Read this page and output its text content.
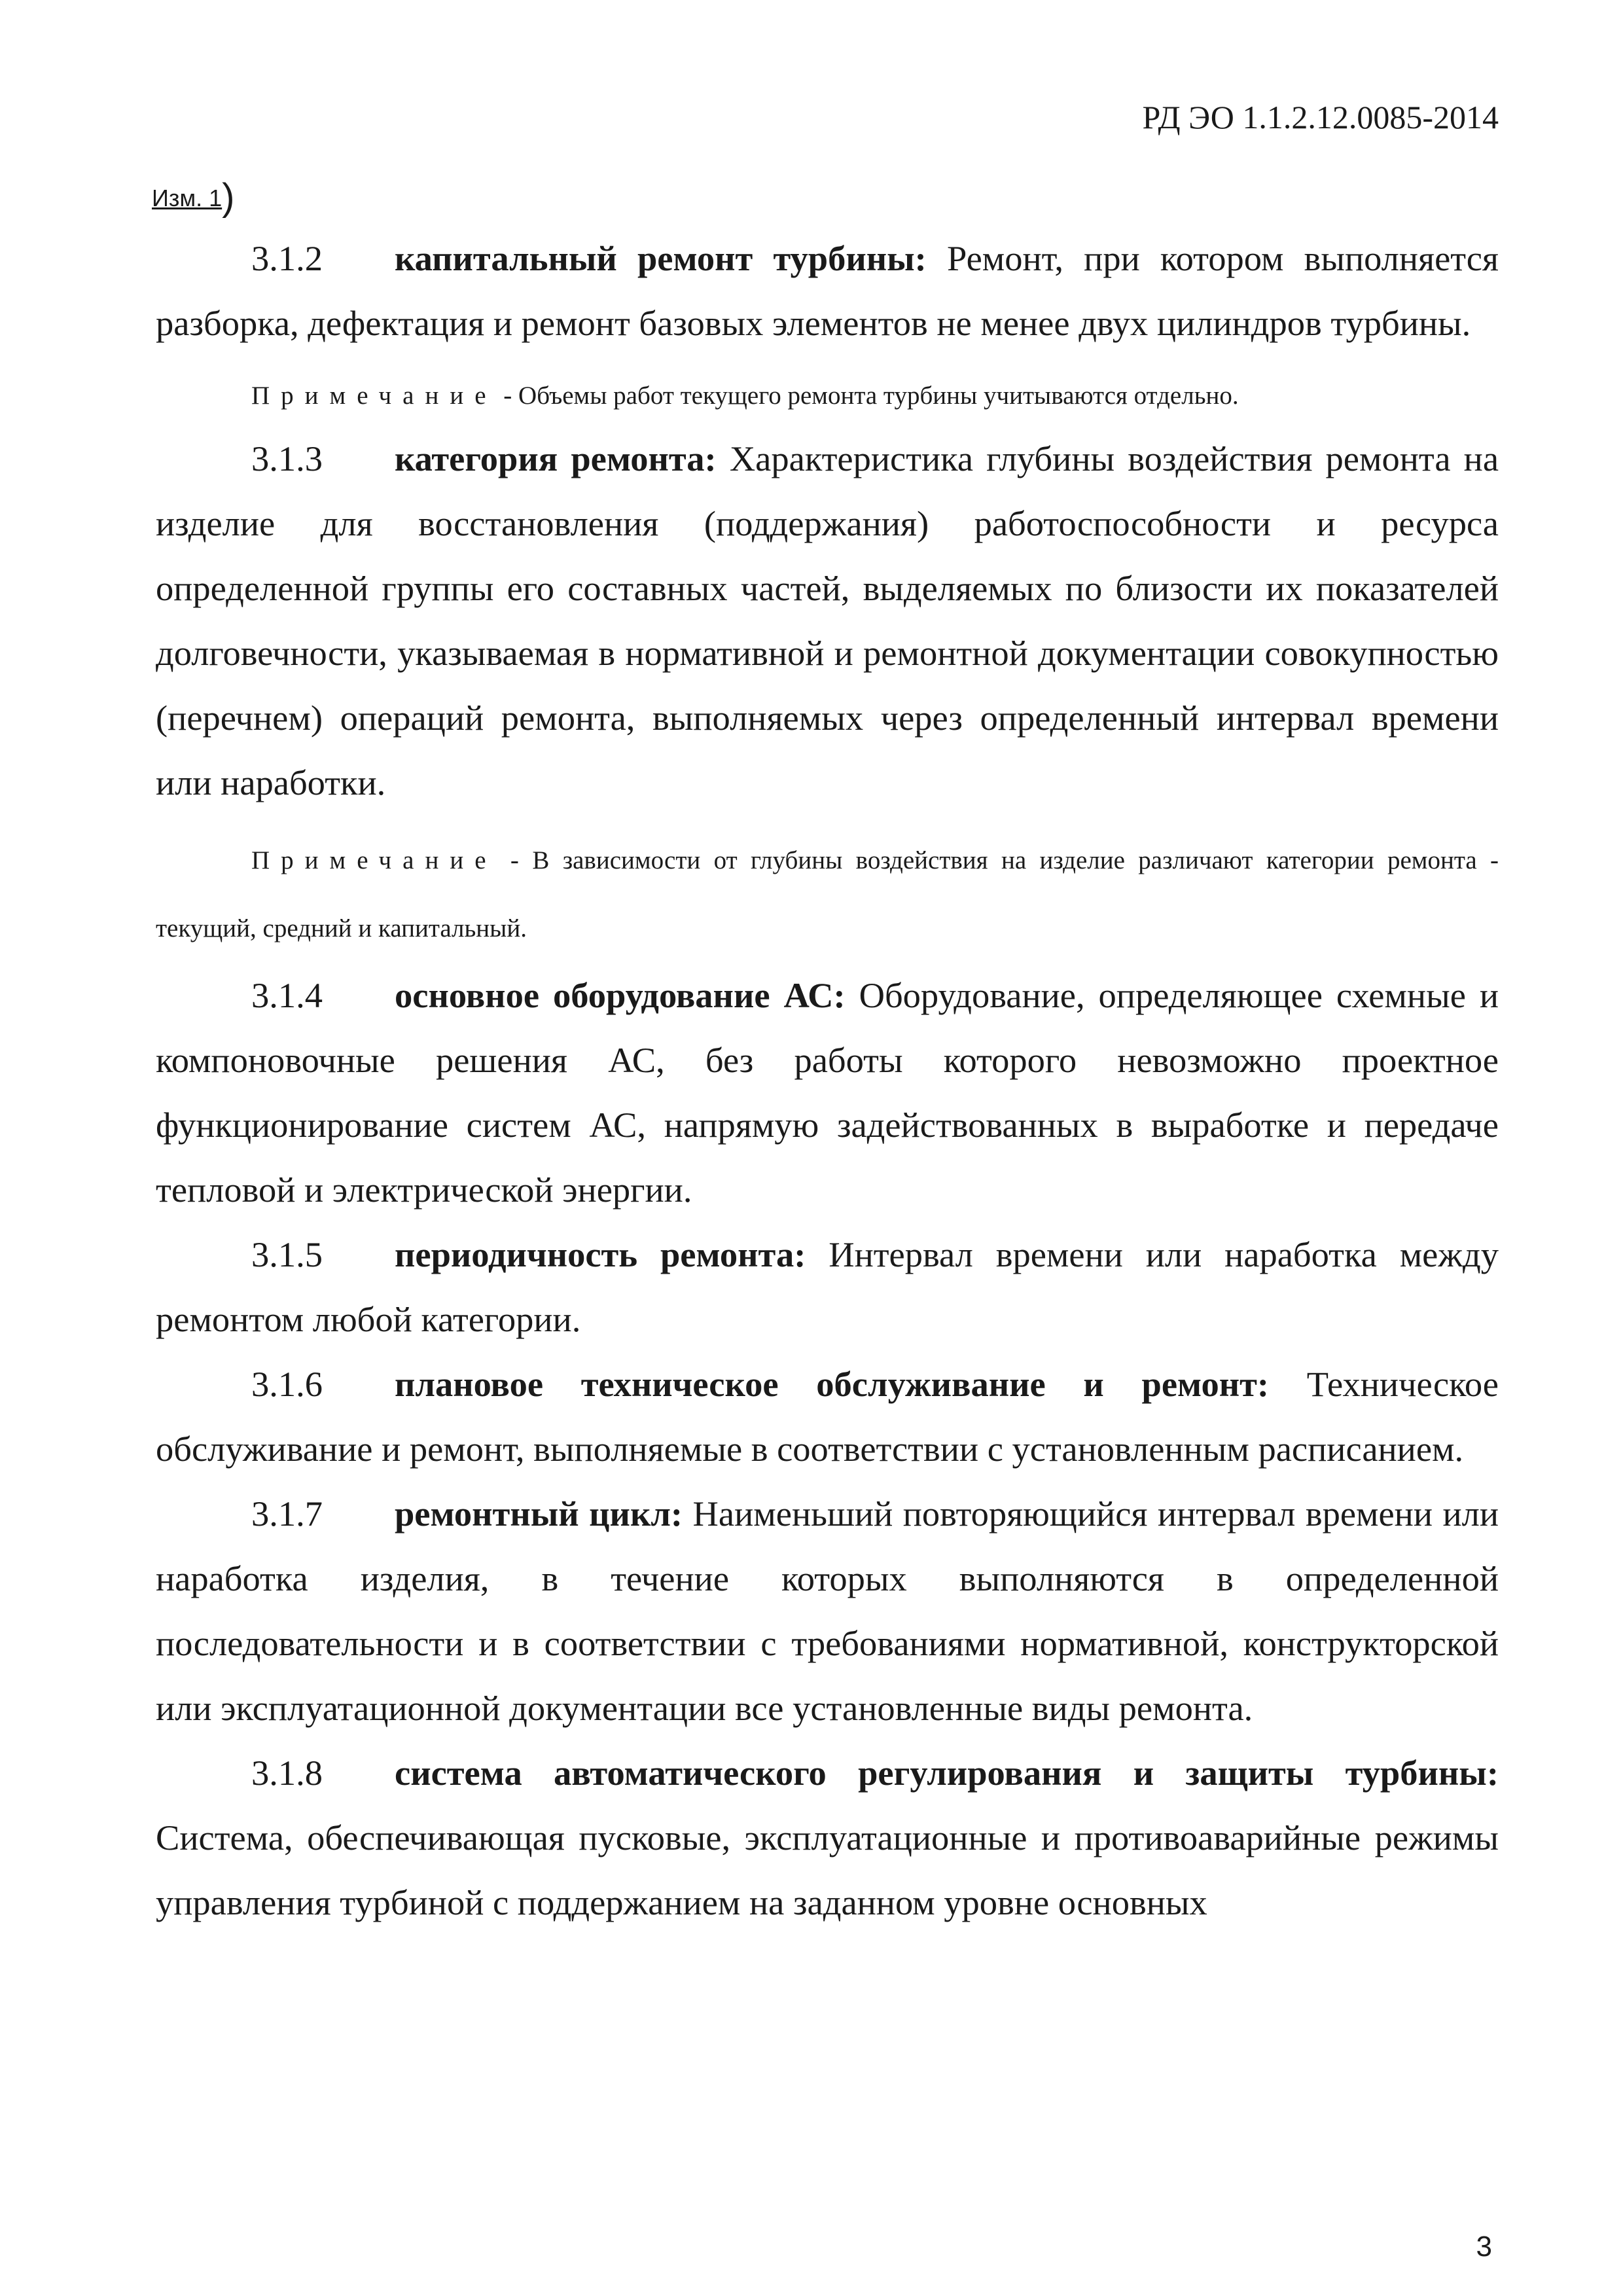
РД ЭО 1.1.2.12.0085-2014
Изм. 1)

3.1.2 капитальный ремонт турбины: Ремонт, при котором выполняется разборка, дефектация и ремонт базовых элементов не менее двух цилиндров турбины.

Примечание - Объемы работ текущего ремонта турбины учитываются отдельно.

3.1.3 категория ремонта: Характеристика глубины воздействия ремонта на изделие для восстановления (поддержания) работоспособности и ресурса определенной группы его составных частей, выделяемых по близости их показателей долговечности, указываемая в нормативной и ремонтной документации совокупностью (перечнем) операций ремонта, выполняемых через определенный интервал времени или наработки.

Примечание - В зависимости от глубины воздействия на изделие различают категории ремонта - текущий, средний и капитальный.

3.1.4 основное оборудование АС: Оборудование, определяющее схемные и компоновочные решения АС, без работы которого невозможно проектное функционирование систем АС, напрямую задействованных в выработке и передаче тепловой и электрической энергии.

3.1.5 периодичность ремонта: Интервал времени или наработка между ремонтом любой категории.

3.1.6 плановое техническое обслуживание и ремонт: Техническое обслуживание и ремонт, выполняемые в соответствии с установленным расписанием.

3.1.7 ремонтный цикл: Наименьший повторяющийся интервал времени или наработка изделия, в течение которых выполняются в определенной последовательности и в соответствии с требованиями нормативной, конструкторской или эксплуатационной документации все установленные виды ремонта.

3.1.8 система автоматического регулирования и защиты турбины: Система, обеспечивающая пусковые, эксплуатационные и противоаварийные режимы управления турбиной с поддержанием на заданном уровне основных

3
